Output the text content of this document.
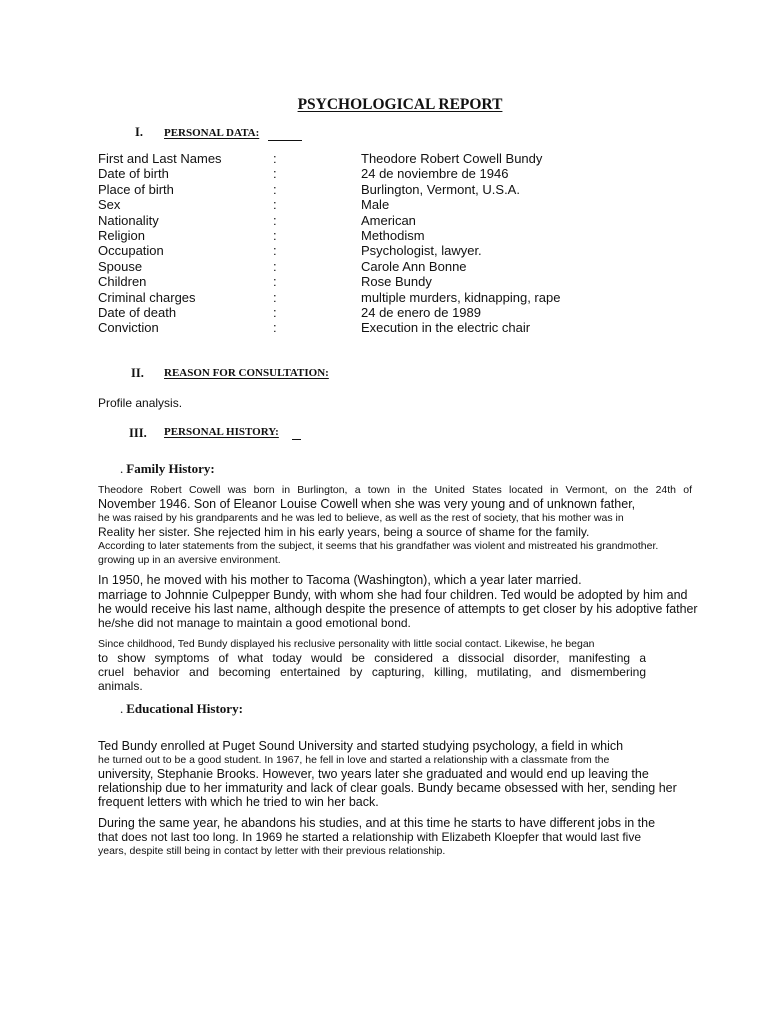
PSYCHOLOGICAL REPORT
I. PERSONAL DATA:
First and Last Names	:	Theodore Robert Cowell Bundy
Date of birth	:	24 de noviembre de 1946
Place of birth	:	Burlington, Vermont, U.S.A.
Sex	:	Male
Nationality	:	American
Religion	:	Methodism
Occupation	:	Psychologist, lawyer.
Spouse	:	Carole Ann Bonne
Children	:	Rose Bundy
Criminal charges	:	multiple murders, kidnapping, rape
Date of death	:	24 de enero de 1989
Conviction	:	Execution in the electric chair
II. REASON FOR CONSULTATION:
Profile analysis.
III. PERSONAL HISTORY:
. Family History:
Theodore Robert Cowell was born in Burlington, a town in the United States located in Vermont, on the 24th of
November 1946. Son of Eleanor Louise Cowell when she was very young and of unknown father,
he was raised by his grandparents and he was led to believe, as well as the rest of society, that his mother was in
Reality her sister. She rejected him in his early years, being a source of shame for the family.
According to later statements from the subject, it seems that his grandfather was violent and mistreated his grandmother.
growing up in an aversive environment.
In 1950, he moved with his mother to Tacoma (Washington), which a year later married.
marriage to Johnnie Culpepper Bundy, with whom she had four children. Ted would be adopted by him and
he would receive his last name, although despite the presence of attempts to get closer by his adoptive father
he/she did not manage to maintain a good emotional bond.
Since childhood, Ted Bundy displayed his reclusive personality with little social contact. Likewise, he began
to show symptoms of what today would be considered a dissocial disorder, manifesting a
cruel behavior and becoming entertained by capturing, killing, mutilating, and dismembering
animals.
. Educational History:
Ted Bundy enrolled at Puget Sound University and started studying psychology, a field in which
he turned out to be a good student. In 1967, he fell in love and started a relationship with a classmate from the
university, Stephanie Brooks. However, two years later she graduated and would end up leaving the
relationship due to her immaturity and lack of clear goals. Bundy became obsessed with her, sending her
frequent letters with which he tried to win her back.
During the same year, he abandons his studies, and at this time he starts to have different jobs in the
that does not last too long. In 1969 he started a relationship with Elizabeth Kloepfer that would last five
years, despite still being in contact by letter with their previous relationship.
